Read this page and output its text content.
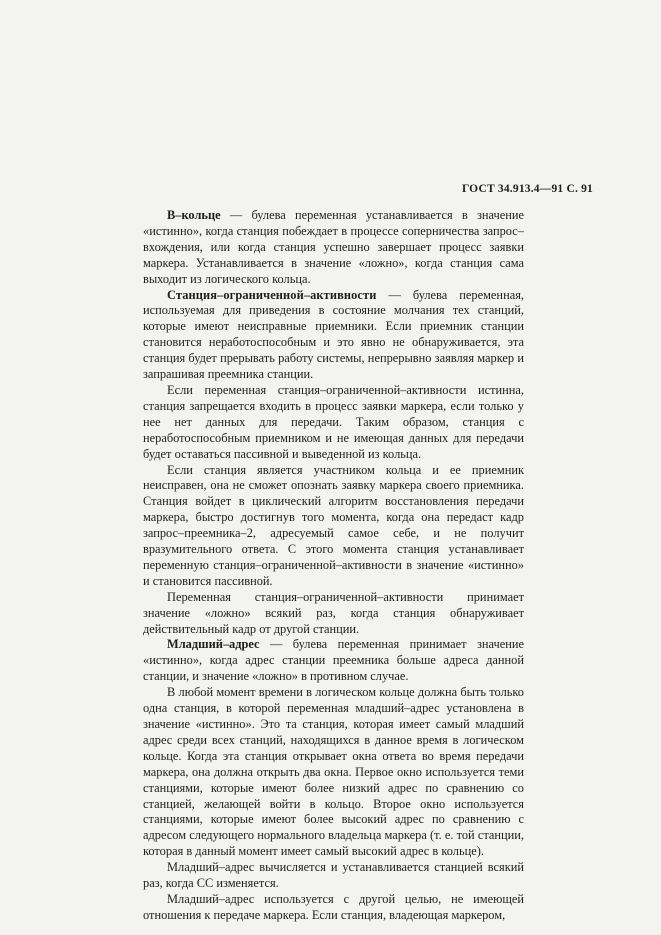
ГОСТ 34.913.4—91 С. 91

В–кольце — булева переменная устанавливается в значение «истинно», когда станция побеждает в процессе соперничества запрос–вхождения, или когда станция успешно завершает процесс заявки маркера. Устанавливается в значение «ложно», когда станция сама выходит из логического кольца.

Станция–ограниченной–активности — булева переменная, используемая для приведения в состояние молчания тех станций, которые имеют неисправные приемники. Если приемник станции становится неработоспособным и это явно не обнаруживается, эта станция будет прерывать работу системы, непрерывно заявляя маркер и запрашивая преемника станции.

Если переменная станция–ограниченной–активности истинна, станция запрещается входить в процесс заявки маркера, если только у нее нет данных для передачи. Таким образом, станция с неработоспособным приемником и не имеющая данных для передачи будет оставаться пассивной и выведенной из кольца.

Если станция является участником кольца и ее приемник неисправен, она не сможет опознать заявку маркера своего приемника. Станция войдет в циклический алгоритм восстановления передачи маркера, быстро достигнув того момента, когда она передаст кадр запрос–преемника–2, адресуемый самое себе, и не получит вразумительного ответа. С этого момента станция устанавливает переменную станция–ограниченной–активности в значение «истинно» и становится пассивной.

Переменная станция–ограниченной–активности принимает значение «ложно» всякий раз, когда станция обнаруживает действительный кадр от другой станции.

Младший–адрес — булева переменная принимает значение «истинно», когда адрес станции преемника больше адреса данной станции, и значение «ложно» в противном случае.

В любой момент времени в логическом кольце должна быть только одна станция, в которой переменная младший–адрес установлена в значение «истинно». Это та станция, которая имеет самый младший адрес среди всех станций, находящихся в данное время в логическом кольце. Когда эта станция открывает окна ответа во время передачи маркера, она должна открыть два окна. Первое окно используется теми станциями, которые имеют более низкий адрес по сравнению со станцией, желающей войти в кольцо. Второе окно используется станциями, которые имеют более высокий адрес по сравнению с адресом следующего нормального владельца маркера (т. е. той станции, которая в данный момент имеет самый высокий адрес в кольце).

Младший–адрес вычисляется и устанавливается станцией всякий раз, когда СС изменяется.

Младший–адрес используется с другой целью, не имеющей отношения к передаче маркера. Если станция, владеющая маркером,
